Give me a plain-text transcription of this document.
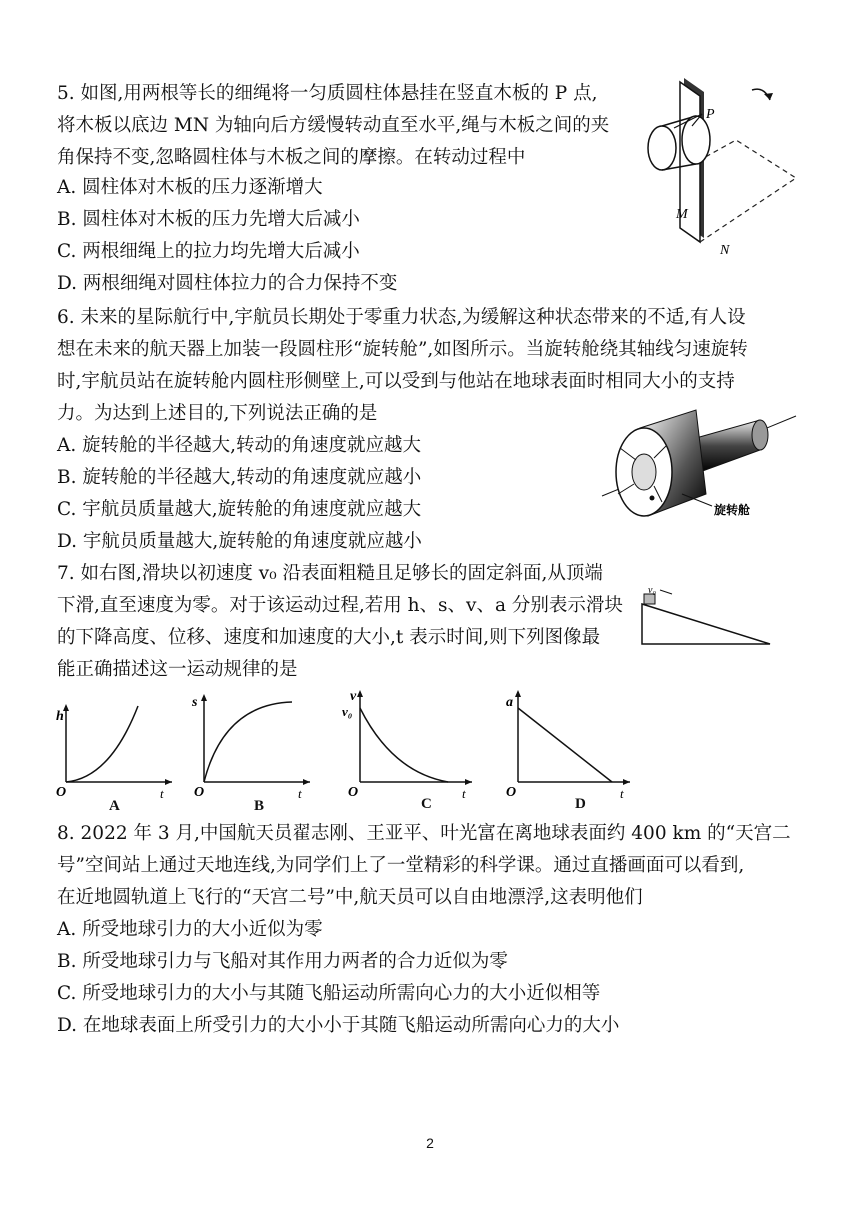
5. 如图,用两根等长的细绳将一匀质圆柱体悬挂在竖直木板的 P 点,
将木板以底边 MN 为轴向后方缓慢转动直至水平,绳与木板之间的夹
角保持不变,忽略圆柱体与木板之间的摩擦。在转动过程中
A. 圆柱体对木板的压力逐渐增大
B. 圆柱体对木板的压力先增大后减小
C. 两根细绳上的拉力均先增大后减小
D. 两根细绳对圆柱体拉力的合力保持不变
P
M
N
6. 未来的星际航行中,宇航员长期处于零重力状态,为缓解这种状态带来的不适,有人设
想在未来的航天器上加装一段圆柱形“旋转舱”,如图所示。当旋转舱绕其轴线匀速旋转
时,宇航员站在旋转舱内圆柱形侧壁上,可以受到与他站在地球表面时相同大小的支持
力。为达到上述目的,下列说法正确的是
A. 旋转舱的半径越大,转动的角速度就应越大
B. 旋转舱的半径越大,转动的角速度就应越小
C. 宇航员质量越大,旋转舱的角速度就应越大
D. 宇航员质量越大,旋转舱的角速度就应越小
旋转舱
7. 如右图,滑块以初速度 v₀ 沿表面粗糙且足够长的固定斜面,从顶端
下滑,直至速度为零。对于该运动过程,若用 h、s、v、a 分别表示滑块
的下降高度、位移、速度和加速度的大小,t 表示时间,则下列图像最
能正确描述这一运动规律的是
v₀
h
O	t
A
s
O	t
B
v
v₀
O	t
C
a
O	t
D
8. 2022 年 3 月,中国航天员翟志刚、王亚平、叶光富在离地球表面约 400 km 的“天宫二
号”空间站上通过天地连线,为同学们上了一堂精彩的科学课。通过直播画面可以看到,
在近地圆轨道上飞行的“天宫二号”中,航天员可以自由地漂浮,这表明他们
A. 所受地球引力的大小近似为零
B. 所受地球引力与飞船对其作用力两者的合力近似为零
C. 所受地球引力的大小与其随飞船运动所需向心力的大小近似相等
D. 在地球表面上所受引力的大小小于其随飞船运动所需向心力的大小
2
